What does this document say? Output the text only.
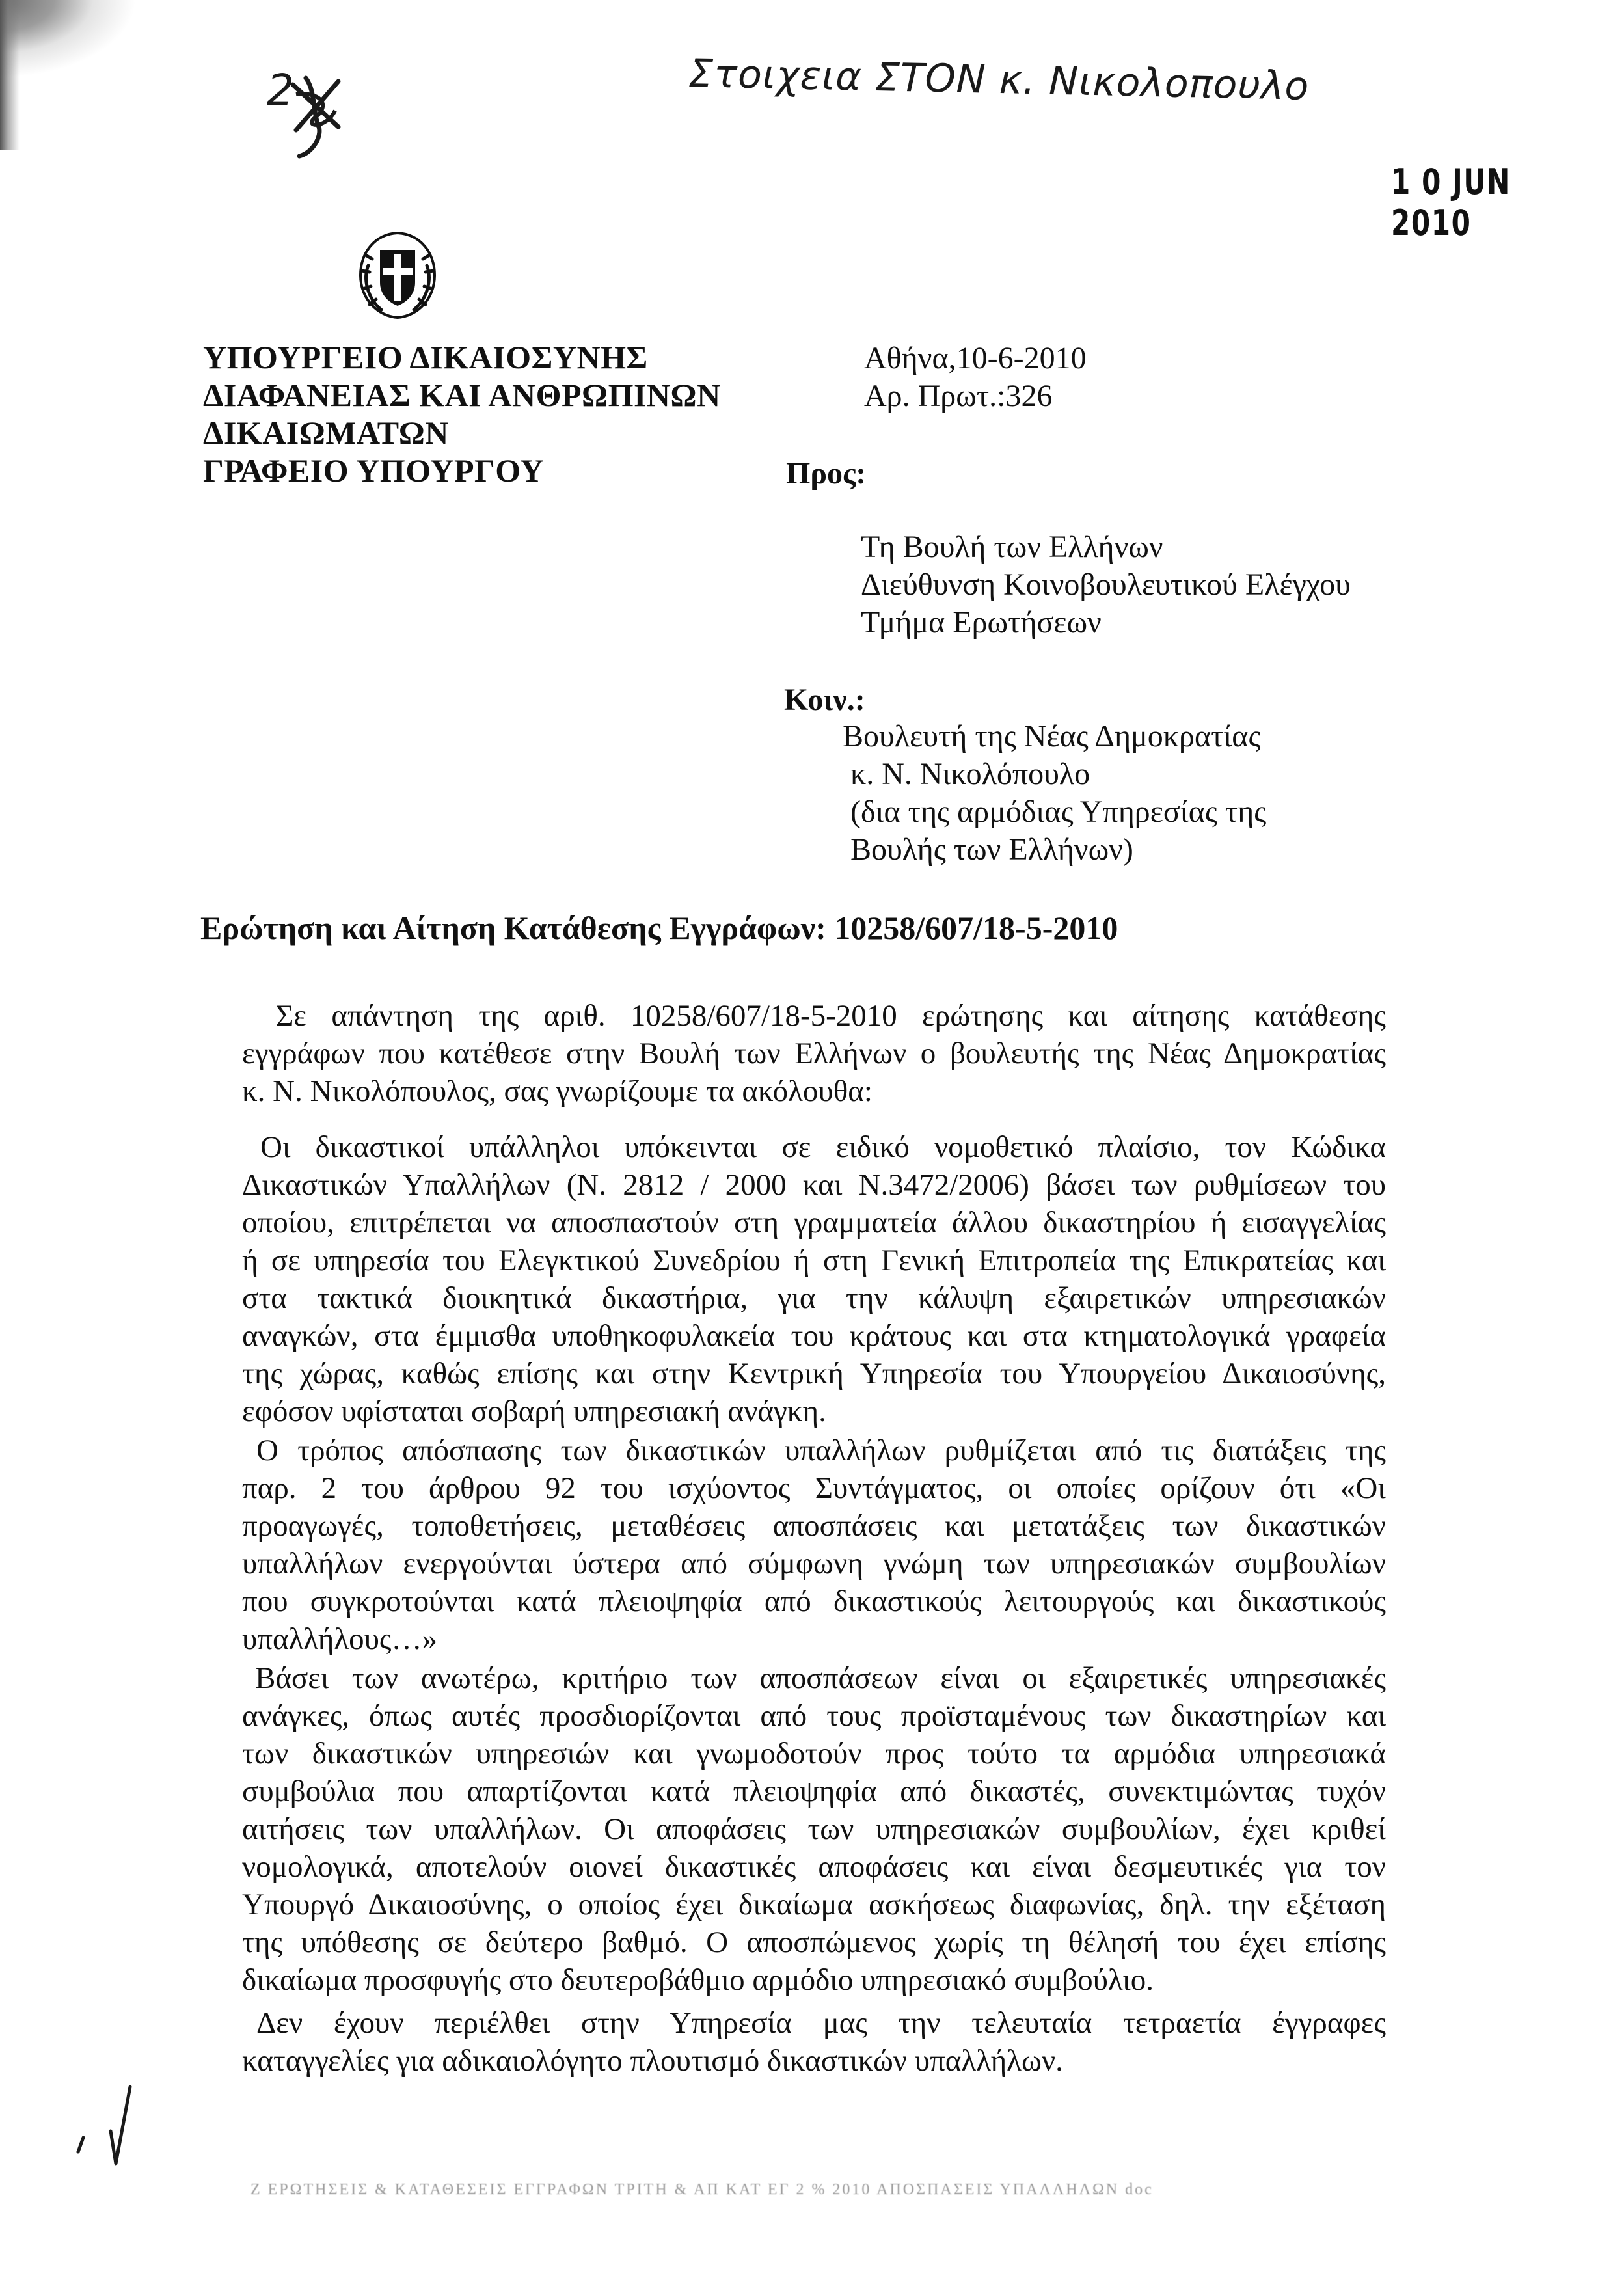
Στοιχεια ΣΤΟΝ κ. Νικολοπουλο
2
1 0 JUN 2010
ΥΠΟΥΡΓΕΙΟ ΔΙΚΑΙΟΣΥΝΗΣ
ΔΙΑΦΑΝΕΙΑΣ ΚΑΙ ΑΝΘΡΩΠΙΝΩΝ
ΔΙΚΑΙΩΜΑΤΩΝ
ΓΡΑΦΕΙΟ ΥΠΟΥΡΓΟΥ
Αθήνα,10-6-2010
Αρ. Πρωτ.:326
Προς:
Τη Βουλή των Ελλήνων
Διεύθυνση Κοινοβουλευτικού Ελέγχου
Τμήμα Ερωτήσεων
Κοιν.:
Βουλευτή της Νέας Δημοκρατίας
κ. Ν. Νικολόπουλο
(δια της αρμόδιας Υπηρεσίας της
Βουλής των Ελλήνων)
Ερώτηση και Αίτηση Κατάθεσης Εγγράφων: 10258/607/18-5-2010
Σε απάντηση της αριθ. 10258/607/18-5-2010 ερώτησης και αίτησης κατάθεσης
εγγράφων που κατέθεσε στην Βουλή των Ελλήνων ο βουλευτής της Νέας Δημοκρατίας
κ. Ν. Νικολόπουλος, σας γνωρίζουμε τα ακόλουθα:
Οι δικαστικοί υπάλληλοι υπόκεινται σε ειδικό νομοθετικό πλαίσιο, τον Κώδικα
Δικαστικών Υπαλλήλων (Ν. 2812 / 2000 και Ν.3472/2006) βάσει των ρυθμίσεων του
οποίου, επιτρέπεται να αποσπαστούν στη γραμματεία άλλου δικαστηρίου ή εισαγγελίας
ή σε υπηρεσία του Ελεγκτικού Συνεδρίου ή στη Γενική Επιτροπεία της Επικρατείας και
στα τακτικά διοικητικά δικαστήρια, για την κάλυψη εξαιρετικών υπηρεσιακών
αναγκών, στα έμμισθα υποθηκοφυλακεία του κράτους και στα κτηματολογικά γραφεία
της χώρας, καθώς επίσης και στην Κεντρική Υπηρεσία του Υπουργείου Δικαιοσύνης,
εφόσον υφίσταται σοβαρή υπηρεσιακή ανάγκη.
Ο τρόπος απόσπασης των δικαστικών υπαλλήλων ρυθμίζεται από τις διατάξεις της
παρ. 2 του άρθρου 92 του ισχύοντος Συντάγματος, οι οποίες ορίζουν ότι «Οι
προαγωγές, τοποθετήσεις, μεταθέσεις αποσπάσεις και μετατάξεις των δικαστικών
υπαλλήλων ενεργούνται ύστερα από σύμφωνη γνώμη των υπηρεσιακών συμβουλίων
που συγκροτούνται κατά πλειοψηφία από δικαστικούς λειτουργούς και δικαστικούς
υπαλλήλους…»
Βάσει των ανωτέρω, κριτήριο των αποσπάσεων είναι οι εξαιρετικές υπηρεσιακές
ανάγκες, όπως αυτές προσδιορίζονται από τους προϊσταμένους των δικαστηρίων και
των δικαστικών υπηρεσιών και γνωμοδοτούν προς τούτο τα αρμόδια υπηρεσιακά
συμβούλια που απαρτίζονται κατά πλειοψηφία από δικαστές, συνεκτιμώντας τυχόν
αιτήσεις των υπαλλήλων. Οι αποφάσεις των υπηρεσιακών συμβουλίων, έχει κριθεί
νομολογικά, αποτελούν οιονεί δικαστικές αποφάσεις και είναι δεσμευτικές για τον
Υπουργό Δικαιοσύνης, ο οποίος έχει δικαίωμα ασκήσεως διαφωνίας, δηλ. την εξέταση
της υπόθεσης σε δεύτερο βαθμό. Ο αποσπώμενος χωρίς τη θέλησή του έχει επίσης
δικαίωμα προσφυγής στο δευτεροβάθμιο αρμόδιο υπηρεσιακό συμβούλιο.
Δεν έχουν περιέλθει στην Υπηρεσία μας την τελευταία τετραετία έγγραφες
καταγγελίες για αδικαιολόγητο πλουτισμό δικαστικών υπαλλήλων.
Ζ ΕΡΩΤΗΣΕΙΣ & ΚΑΤΑΘΕΣΕΙΣ ΕΓΓΡΑΦΩΝ ΤΡΙΤΗ & ΑΠ ΚΑΤ ΕΓ 2 % 2010 ΑΠΟΣΠΑΣΕΙΣ ΥΠΑΛΛΗΛΩΝ doc
